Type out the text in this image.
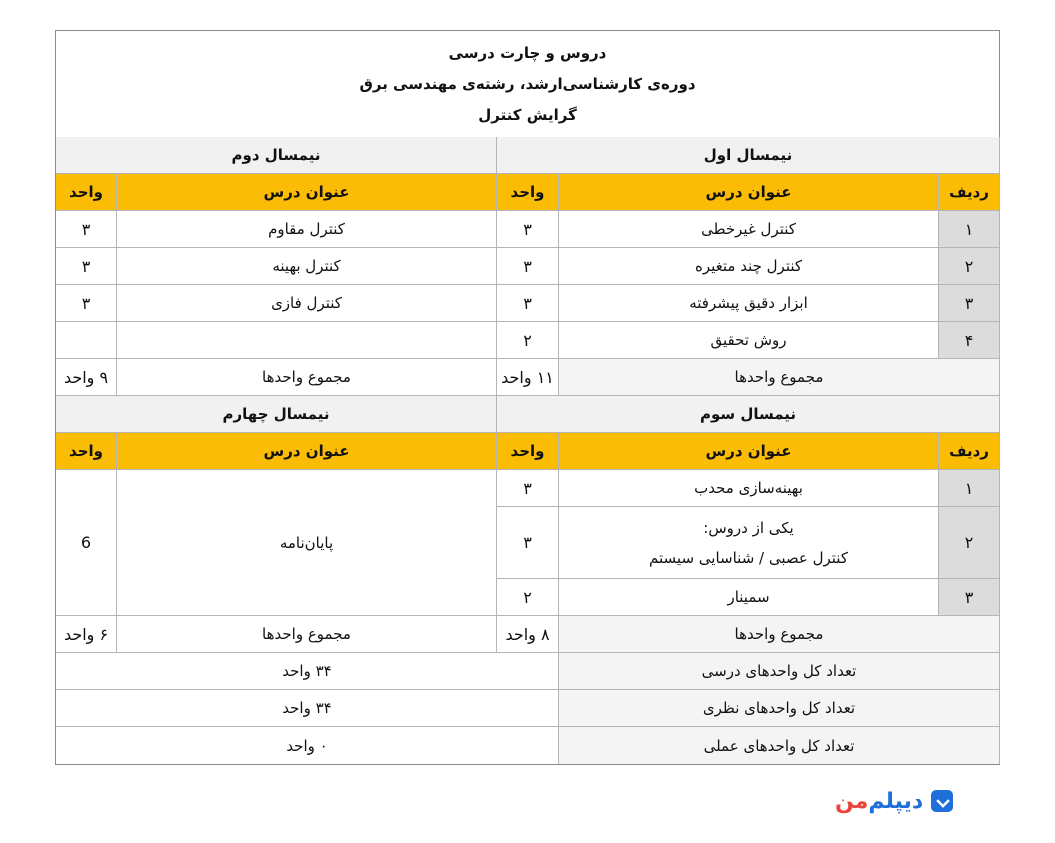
دروس و چارت درسی
دوره‌ی کارشناسی‌ارشد، رشته‌ی مهندسی برق
گرایش کنترل
نیمسال اول
نیمسال دوم
ردیف
عنوان درس
واحد
عنوان درس
واحد
۱
کنترل غیرخطی
۳
۲
کنترل چند متغیره
۳
۳
ابزار دقیق پیشرفته
۳
۴
روش تحقیق
۲
کنترل مقاوم
۳
کنترل بهینه
۳
کنترل فازی
۳
مجموع واحدها
۱۱ واحد
مجموع واحدها
۹ واحد
نیمسال سوم
نیمسال چهارم
ردیف
عنوان درس
واحد
عنوان درس
واحد
۱
بهینه‌سازی محدب
۳
۲
یکی از دروس:
کنترل عصبی / شناسایی سیستم
۳
۳
سمینار
۲
پایان‌نامه
6
مجموع واحدها
۸ واحد
مجموع واحدها
۶ واحد
تعداد کل واحدهای درسی
۳۴ واحد
تعداد کل واحدهای نظری
۳۴ واحد
تعداد کل واحدهای عملی
۰ واحد
من دیپلم
